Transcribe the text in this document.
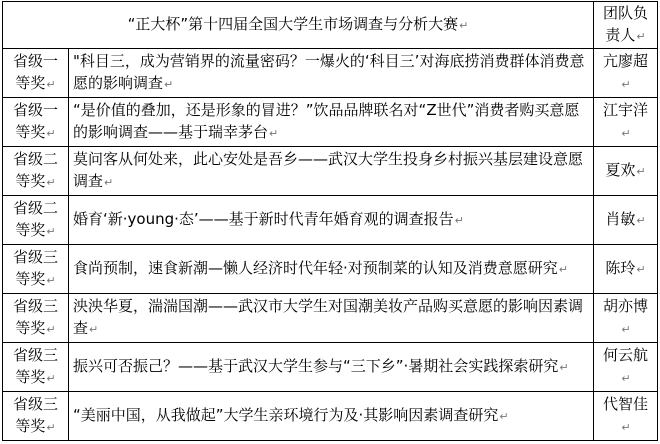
“正大杯”第十四届全国大学生市场调查与分析大赛↵		团队负责人↵
省级一等奖↵	"科目三，成为营销界的流量密码？一爆火的‘科目三’对海底捞消费群体消费意愿的影响调查↵	亢廖超↵
省级一等奖↵	“是价值的叠加，还是形象的冒进？”饮品品牌联名对“Z世代”消费者购买意愿的影响调查——基于瑞幸茅台↵	江宇洋↵
省级二等奖↵	莫问客从何处来，此心安处是吾乡——武汉大学生投身乡村振兴基层建设意愿调查↵	夏欢↵
省级二等奖↵	婚育‘新·young·态’——基于新时代青年婚育观的调查报告↵	肖敏↵
省级三等奖↵	食尚预制，速食新潮—懒人经济时代年轻·对预制菜的认知及消费意愿研究↵	陈玲↵
省级三等奖↵	泱泱华夏，湍湍国潮——武汉市大学生对国潮美妆产品购买意愿的影响因素调查↵	胡亦博↵
省级三等奖↵	振兴可否振己？——基于武汉大学生参与“三下乡”·暑期社会实践探索研究↵	何云航↵
省级三等奖↵	“美丽中国，从我做起”大学生亲环境行为及·其影响因素调查研究↵	代智佳↵
